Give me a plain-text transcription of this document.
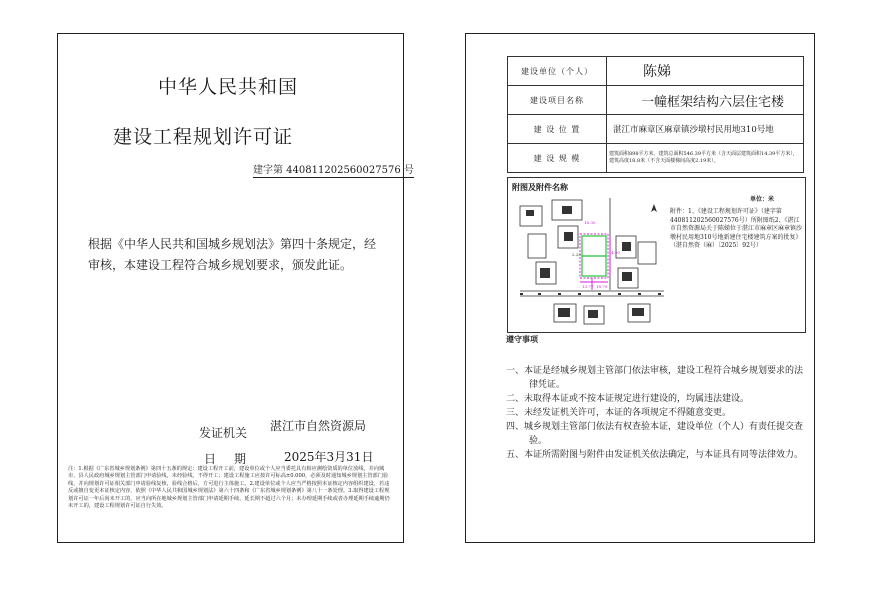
中华人民共和国
建设工程规划许可证
建字第 440811202560027576 号
根据《中华人民共和国城乡规划法》第四十条规定，经审核，本建设工程符合城乡规划要求，颁发此证。
发证机关 湛江市自然资源局
日期 2025年3月31日
注：1.根据《广东省城乡规划条例》第四十五条的规定：建设工程开工前，建设单位或个人应当委托具有相应测绘资质的单位放线，并向城市、县人民政府城乡规划主管部门申请验线，未经验线，不得开工；建设工程施工应按许可标高±0.000，必须及时通知城乡规划主管部门验线，并向规划许可证相关部门申请验线复核，验线合格后，方可进行主体施工。2.建设单位或个人应当严格按照本证核定内容组织建设，若违反或擅自变更本证核定内容，依照《中华人民共和国城乡规划法》第六十四条和《广东省城乡规划条例》第八十一条处理。3.取得建设工程规划许可证一年后尚未开工的，应当向所在地城乡规划主管部门申请延期手续，延长期不超过六个月；未办理延期手续或者办理延期手续逾期仍未开工的，建设工程规划许可证自行失效。
建设单位（个人）	陈娣
建设项目名称	一幢框架结构六层住宅楼
建 设 位 置	湛江市麻章区麻章镇沙墩村民用地310号地
建 设 规 模	建筑面积898平方米，建筑总面积546.39平方米（含天面层建筑面积14.39平方米），建筑高度18.8米（不含天面楼梯间高度2.19米）。
附图及附件名称
单位：米
18.30
13.77 18.79
4.20
2.29
附件：1、《建设工程规划许可证》（建字第440811202560027576号）所附图纸2、《湛江市自然资源局关于陈娣位于湛江市麻章区麻章镇沙墩村民用地310号地新建住宅楼建筑方案的批复》（湛自然资（麻）〔2025〕92号）
遵守事项
一、本证是经城乡规划主管部门依法审核，建设工程符合城乡规划要求的法律凭证。
二、未取得本证或不按本证规定进行建设的，均属违法建设。
三、未经发证机关许可，本证的各项规定不得随意变更。
四、城乡规划主管部门依法有权查验本证，建设单位（个人）有责任提交查验。
五、本证所需附图与附件由发证机关依法确定，与本证具有同等法律效力。
